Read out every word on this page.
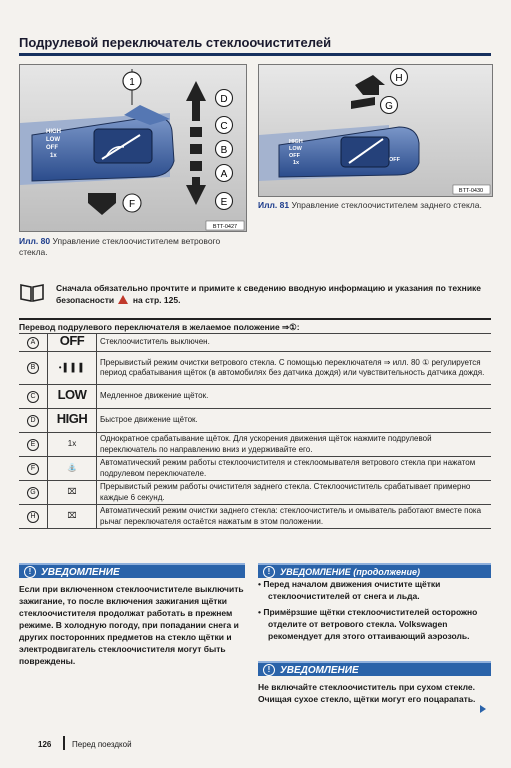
Подрулевой переключатель стеклоочистителей
HIGH
LOW
OFF
1x
1
D
C
B
A
E
F
BTT-0427
HIGH
LOW
OFF
1x	OFF
H
G
BTT-0430
Илл. 80 Управление стеклоочистителем ветрового стекла.
Илл. 81 Управление стеклоочистителем заднего стекла.
Сначала обязательно прочтите и примите к сведению вводную информацию и указания по технике безопасности на стр. 125.
Перевод подрулевого переключателя в желаемое положение ⇒①:
A	OFF	Стеклоочиститель выключен.
B	• ▌ ▌ ▌	Прерывистый режим очистки ветрового стекла. С помощью переключателя ⇒ илл. 80 ① регулируется период срабатывания щёток (в автомобилях без датчика дождя) или чувствительность датчика дождя.
C	LOW	Медленное движение щёток.
D	HIGH	Быстрое движение щёток.
E	1x	Однократное срабатывание щёток. Для ускорения движения щёток нажмите подрулевой переключатель по направлению вниз и удерживайте его.
F	⛲	Автоматический режим работы стеклоочистителя и стеклоомывателя ветрового стекла при нажатом подрулевом переключателе.
G	⌧	Прерывистый режим работы очистителя заднего стекла. Стеклоочиститель срабатывает примерно каждые 6 секунд.
H	⌧	Автоматический режим очистки заднего стекла: стеклоочиститель и омыватель работают вместе пока рычаг переключателя остаётся нажатым в этом положении.
! УВЕДОМЛЕНИЕ
Если при включенном стеклоочистителе выключить зажигание, то после включения зажигания щётки стеклоочистителя продолжат работать в прежнем режиме. В холодную погоду, при попадании снега и других посторонних предметов на стекло щётки и электродвигатель стеклоочистителя могут быть повреждены.
!	УВЕДОМЛЕНИЕ (продолжение)

• Перед началом движения очистите щётки стеклоочистителей от снега и льда.

• Примёрзшие щётки стеклоочистителей осторожно отделите от ветрового стекла. Volkswagen рекомендует для этого оттаивающий аэрозоль.

! УВЕДОМЛЕНИЕ
Не включайте стеклоочиститель при сухом стекле. Очищая сухое стекло, щётки могут его поцарапать.
126	Перед поездкой
